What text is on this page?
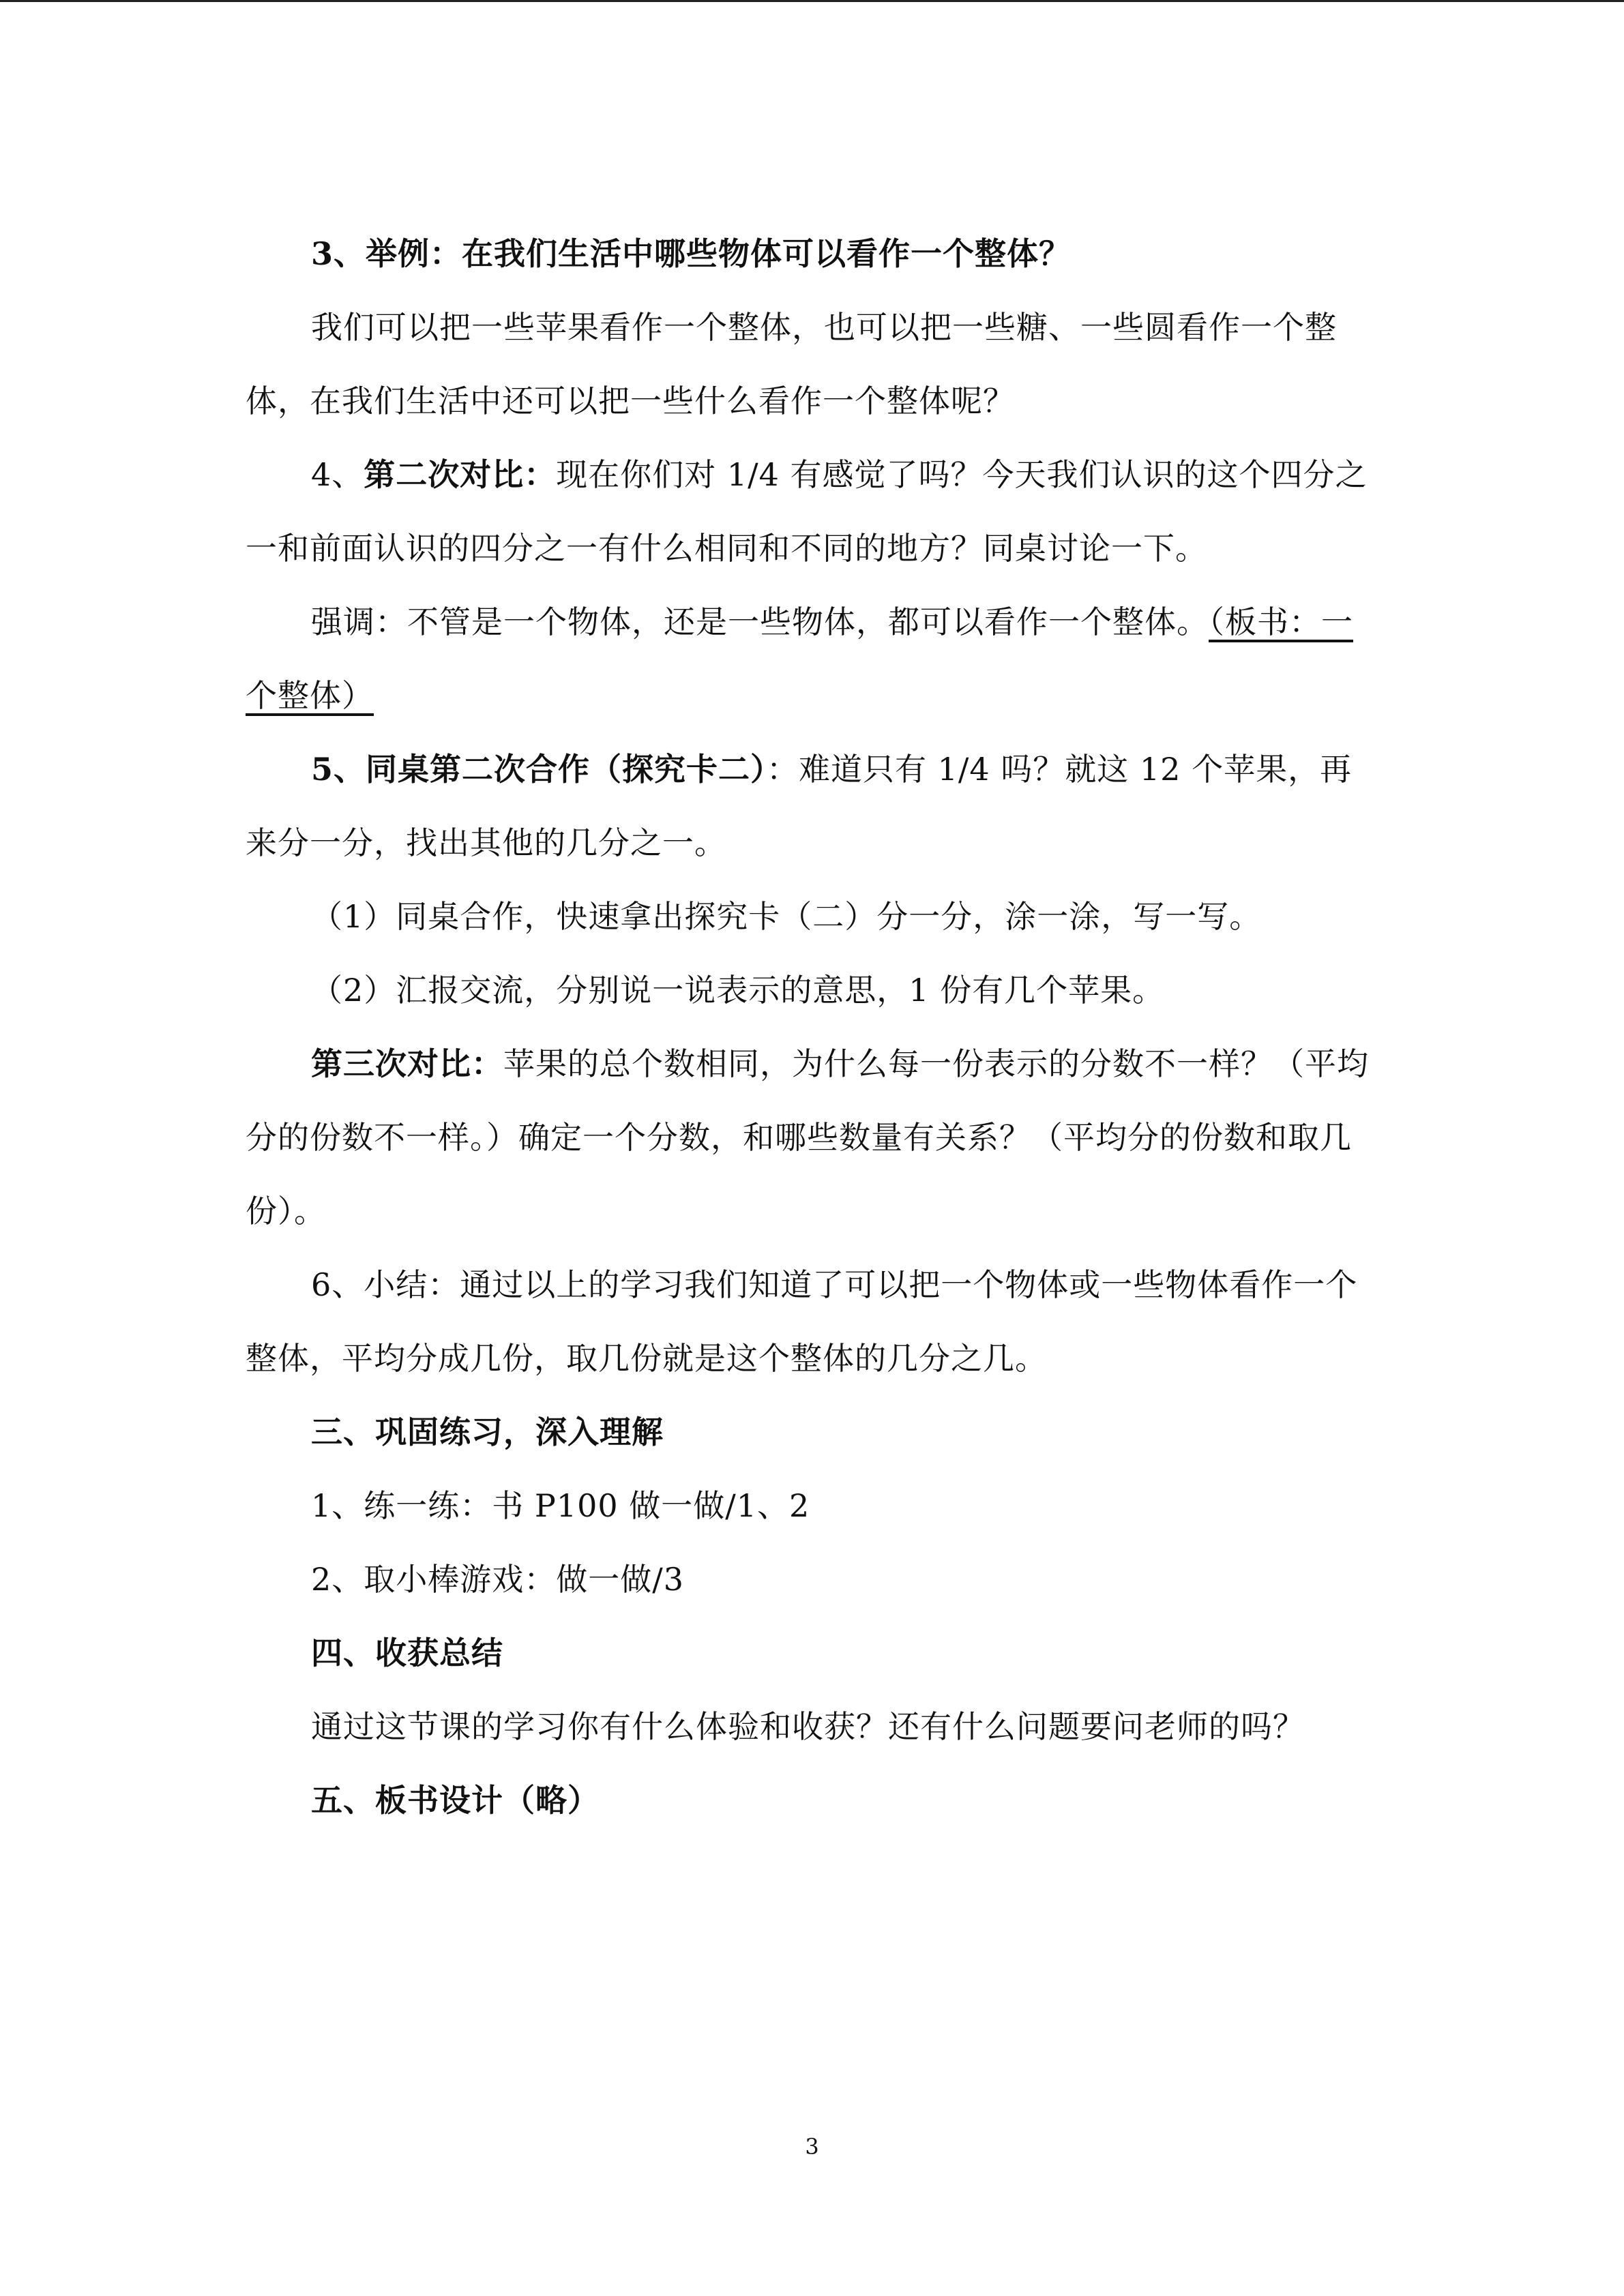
3、举例：在我们生活中哪些物体可以看作一个整体？

我们可以把一些苹果看作一个整体，也可以把一些糖、一些圆看作一个整体，在我们生活中还可以把一些什么看作一个整体呢？

4、第二次对比：现在你们对 1/4 有感觉了吗？今天我们认识的这个四分之一和前面认识的四分之一有什么相同和不同的地方？同桌讨论一下。

强调：不管是一个物体，还是一些物体，都可以看作一个整体。（板书：一个整体）

5、同桌第二次合作（探究卡二）：难道只有 1/4 吗？就这 12 个苹果，再来分一分，找出其他的几分之一。

（1）同桌合作，快速拿出探究卡（二）分一分，涂一涂，写一写。

（2）汇报交流，分别说一说表示的意思，1 份有几个苹果。

第三次对比：苹果的总个数相同，为什么每一份表示的分数不一样？（平均分的份数不一样。）确定一个分数，和哪些数量有关系？（平均分的份数和取几份）。

6、小结：通过以上的学习我们知道了可以把一个物体或一些物体看作一个整体，平均分成几份，取几份就是这个整体的几分之几。

三、巩固练习，深入理解

1、练一练：书 P100 做一做/1、2

2、取小棒游戏：做一做/3

四、收获总结

通过这节课的学习你有什么体验和收获？还有什么问题要问老师的吗？

五、板书设计（略）

3
